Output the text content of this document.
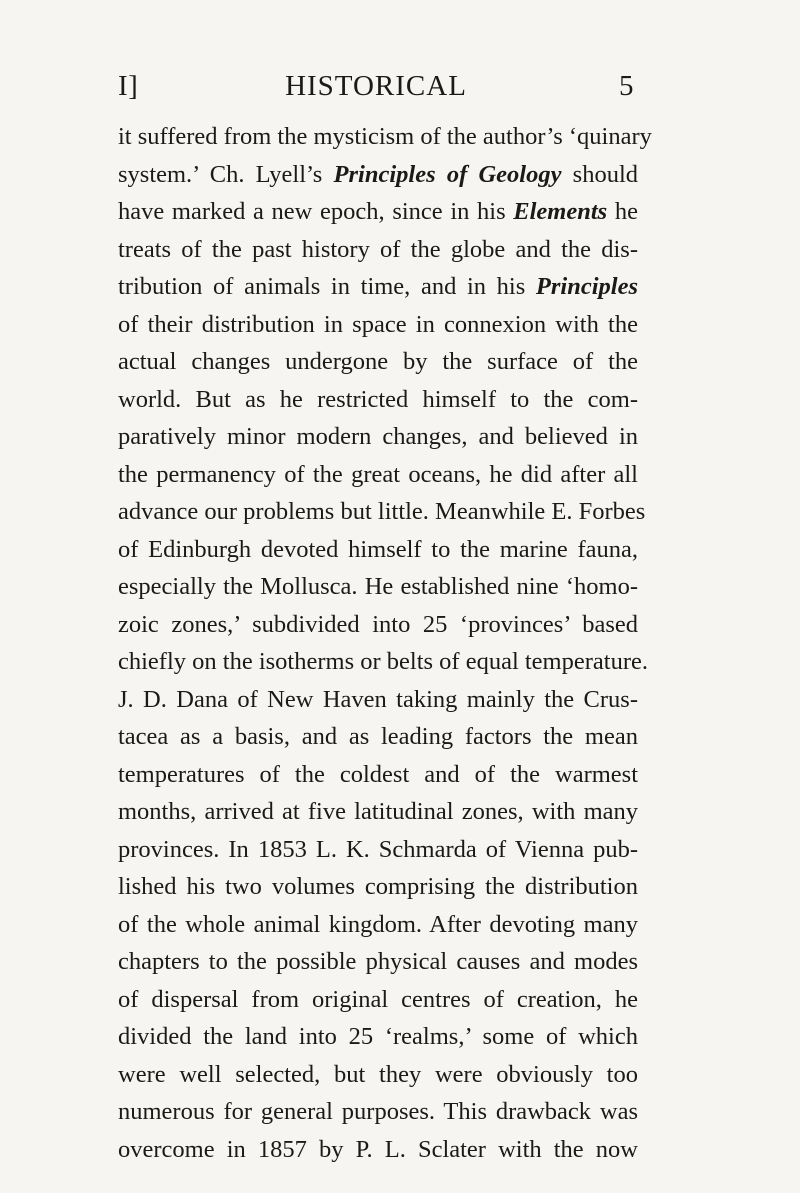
I]	HISTORICAL	5
it suffered from the mysticism of the author’s ‘quinary
system.’ Ch. Lyell’s Principles of Geology should
have marked a new epoch, since in his Elements he
treats of the past history of the globe and the dis-
tribution of animals in time, and in his Principles
of their distribution in space in connexion with the
actual changes undergone by the surface of the
world. But as he restricted himself to the com-
paratively minor modern changes, and believed in
the permanency of the great oceans, he did after all
advance our problems but little. Meanwhile E. Forbes
of Edinburgh devoted himself to the marine fauna,
especially the Mollusca. He established nine ‘homo-
zoic zones,’ subdivided into 25 ‘provinces’ based
chiefly on the isotherms or belts of equal temperature.
J. D. Dana of New Haven taking mainly the Crus-
tacea as a basis, and as leading factors the mean
temperatures of the coldest and of the warmest
months, arrived at five latitudinal zones, with many
provinces. In 1853 L. K. Schmarda of Vienna pub-
lished his two volumes comprising the distribution
of the whole animal kingdom. After devoting many
chapters to the possible physical causes and modes
of dispersal from original centres of creation, he
divided the land into 25 ‘realms,’ some of which
were well selected, but they were obviously too
numerous for general purposes. This drawback was
overcome in 1857 by P. L. Sclater with the now
